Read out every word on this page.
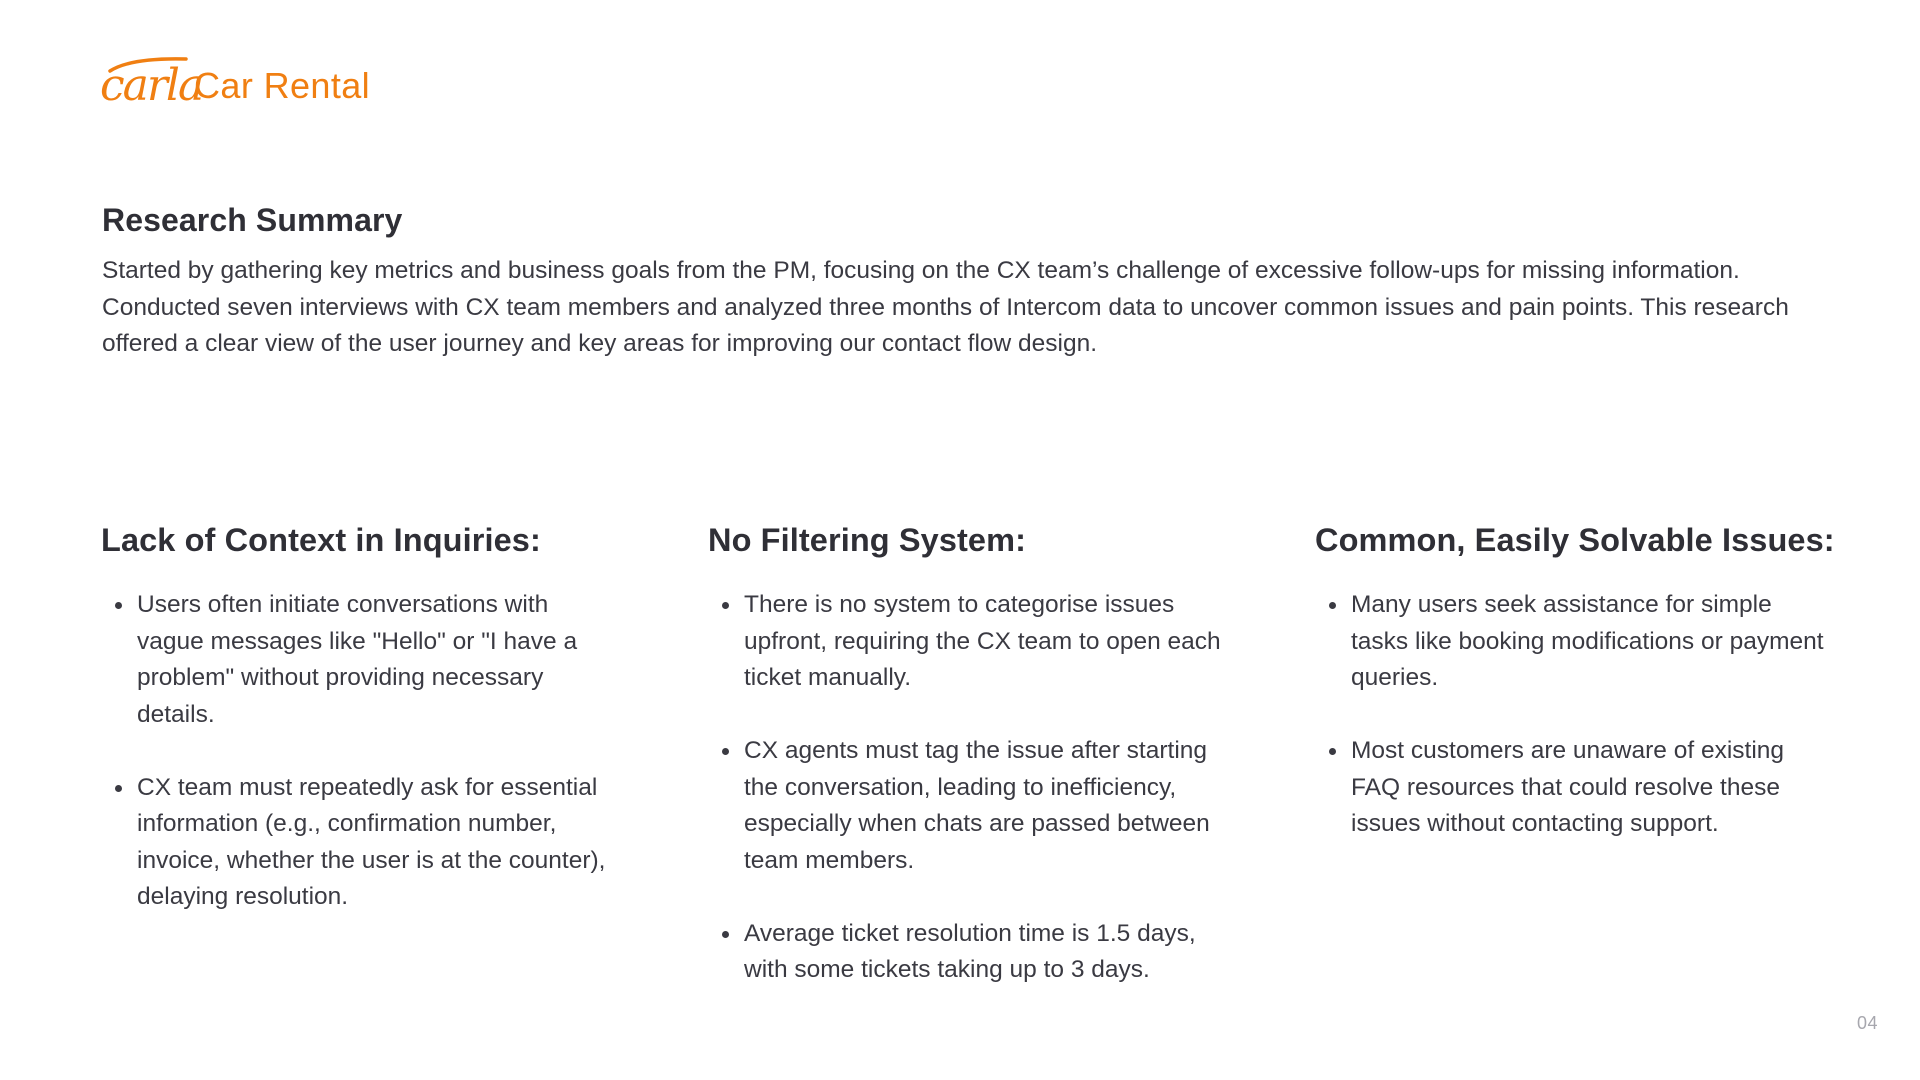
carla
Car Rental
Research Summary

Started by gathering key metrics and business goals from the PM, focusing on the CX team’s challenge of excessive follow-ups for missing information. Conducted seven interviews with CX team members and analyzed three months of Intercom data to uncover common issues and pain points. This research offered a clear view of the user journey and key areas for improving our contact flow design.

Lack of Context in Inquiries:
Users often initiate conversations with vague messages like "Hello" or "I have a problem" without providing necessary details.
CX team must repeatedly ask for essential information (e.g., confirmation number, invoice, whether the user is at the counter), delaying resolution.
No Filtering System:
There is no system to categorise issues upfront, requiring the CX team to open each ticket manually.
CX agents must tag the issue after starting the conversation, leading to inefficiency, especially when chats are passed between team members.
Average ticket resolution time is 1.5 days, with some tickets taking up to 3 days.
Common, Easily Solvable Issues:
Many users seek assistance for simple tasks like booking modifications or payment queries.
Most customers are unaware of existing FAQ resources that could resolve these issues without contacting support.
04
